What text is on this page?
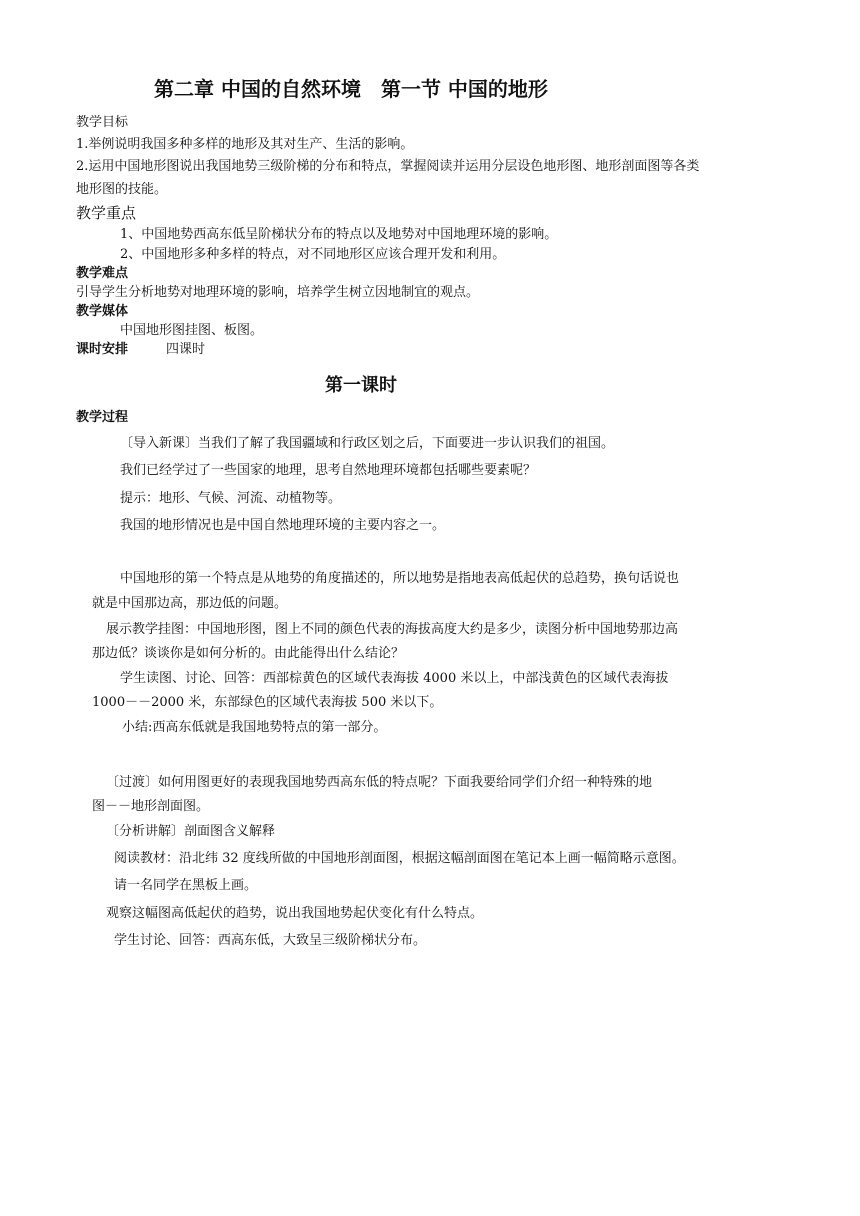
第二章 中国的自然环境　第一节 中国的地形
教学目标
1.举例说明我国多种多样的地形及其对生产、生活的影响。
2.运用中国地形图说出我国地势三级阶梯的分布和特点，掌握阅读并运用分层设色地形图、地形剖面图等各类
地形图的技能。
教学重点
1、中国地势西高东低呈阶梯状分布的特点以及地势对中国地理环境的影响。
2、中国地形多种多样的特点，对不同地形区应该合理开发和利用。
教学难点
引导学生分析地势对地理环境的影响，培养学生树立因地制宜的观点。
教学媒体
中国地形图挂图、板图。
课时安排	四课时
第一课时
教学过程
〔导入新课〕当我们了解了我国疆域和行政区划之后，下面要进一步认识我们的祖国。
我们已经学过了一些国家的地理，思考自然地理环境都包括哪些要素呢？
提示：地形、气候、河流、动植物等。
我国的地形情况也是中国自然地理环境的主要内容之一。
中国地形的第一个特点是从地势的角度描述的，所以地势是指地表高低起伏的总趋势，换句话说也
就是中国那边高，那边低的问题。
展示教学挂图：中国地形图，图上不同的颜色代表的海拔高度大约是多少，读图分析中国地势那边高
那边低？谈谈你是如何分析的。由此能得出什么结论？
学生读图、讨论、回答：西部棕黄色的区域代表海拔 4000 米以上，中部浅黄色的区域代表海拔
1000－－2000 米，东部绿色的区域代表海拔 500 米以下。
小结:西高东低就是我国地势特点的第一部分。
〔过渡〕如何用图更好的表现我国地势西高东低的特点呢？下面我要给同学们介绍一种特殊的地
图－－地形剖面图。
〔分析讲解〕剖面图含义解释
阅读教材：沿北纬 32 度线所做的中国地形剖面图，根据这幅剖面图在笔记本上画一幅简略示意图。
请一名同学在黑板上画。
观察这幅图高低起伏的趋势，说出我国地势起伏变化有什么特点。
学生讨论、回答：西高东低，大致呈三级阶梯状分布。
